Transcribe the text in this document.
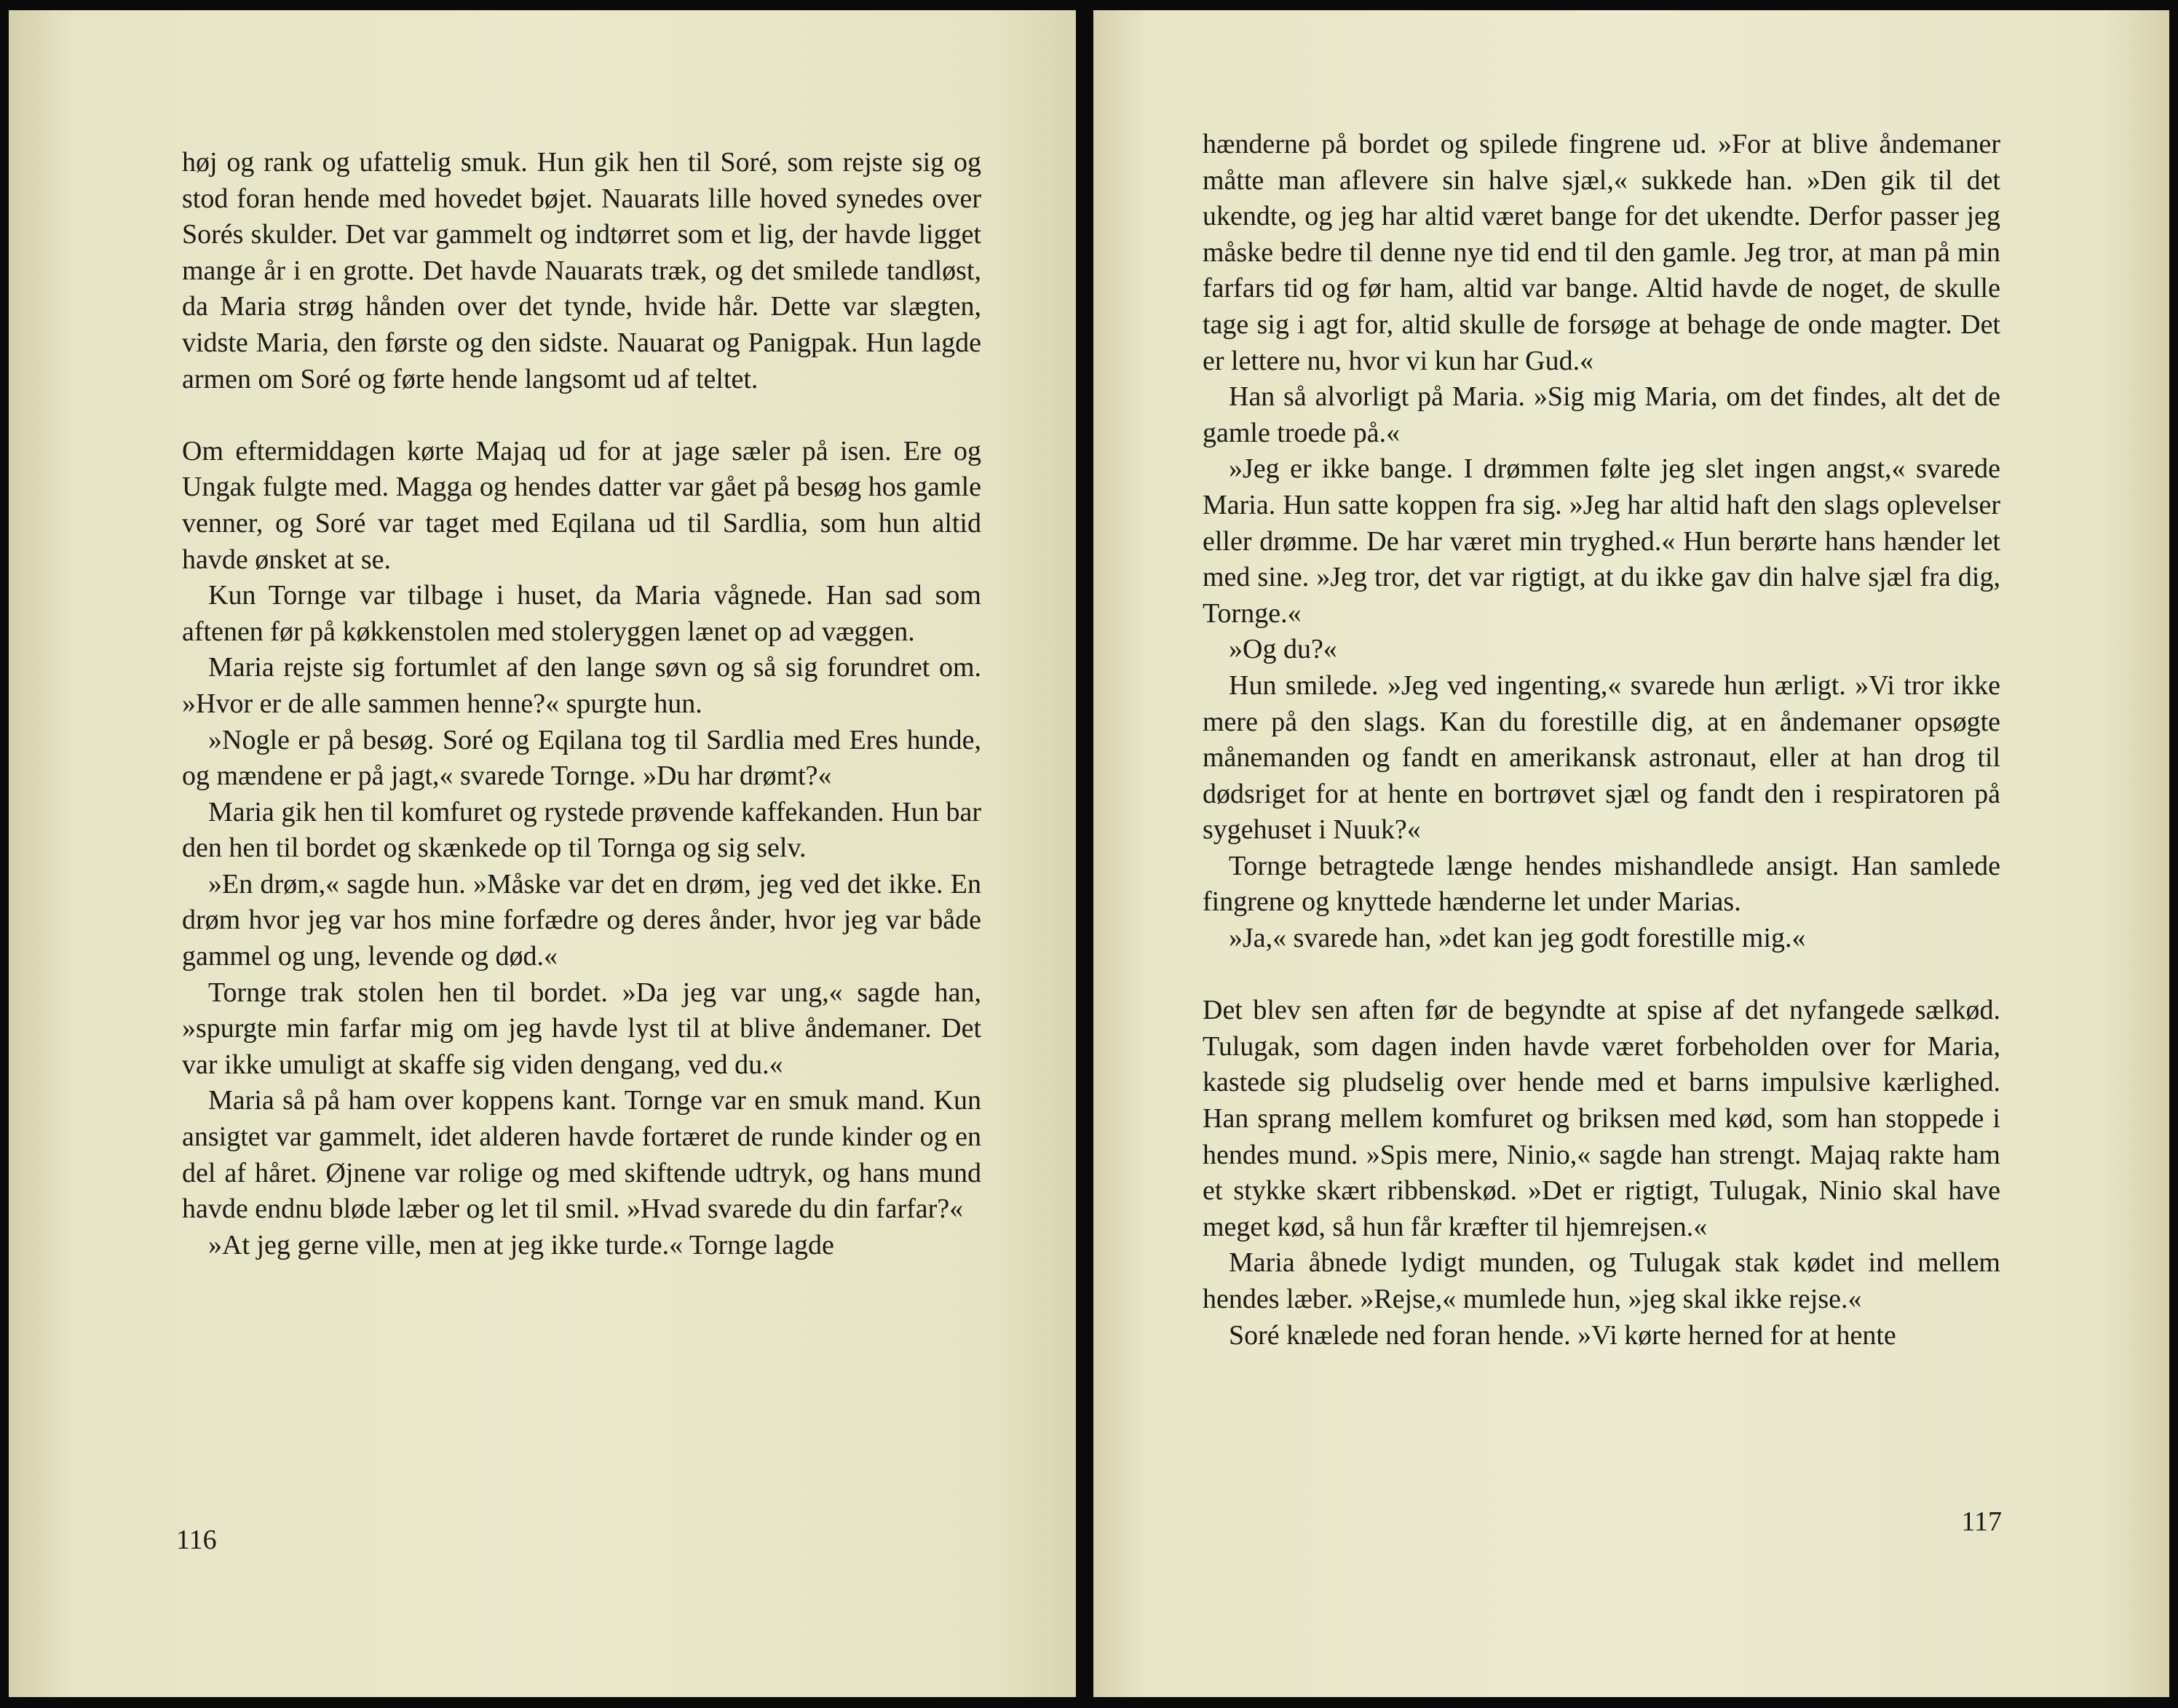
høj og rank og ufattelig smuk. Hun gik hen til Soré, som rejste sig og stod foran hende med hovedet bøjet. Nauarats lille hoved synedes over Sorés skulder. Det var gammelt og indtørret som et lig, der havde ligget mange år i en grotte. Det havde Nauarats træk, og det smilede tandløst, da Maria strøg hånden over det tynde, hvide hår. Dette var slægten, vidste Maria, den første og den sidste. Nauarat og Panigpak. Hun lagde armen om Soré og førte hende langsomt ud af teltet.

Om eftermiddagen kørte Majaq ud for at jage sæler på isen. Ere og Ungak fulgte med. Magga og hendes datter var gået på besøg hos gamle venner, og Soré var taget med Eqilana ud til Sardlia, som hun altid havde ønsket at se.

Kun Tornge var tilbage i huset, da Maria vågnede. Han sad som aftenen før på køkkenstolen med stoleryggen lænet op ad væggen.

Maria rejste sig fortumlet af den lange søvn og så sig forundret om. »Hvor er de alle sammen henne?« spurgte hun.

»Nogle er på besøg. Soré og Eqilana tog til Sardlia med Eres hunde, og mændene er på jagt,« svarede Tornge. »Du har drømt?«

Maria gik hen til komfuret og rystede prøvende kaffekanden. Hun bar den hen til bordet og skænkede op til Tornga og sig selv.

»En drøm,« sagde hun. »Måske var det en drøm, jeg ved det ikke. En drøm hvor jeg var hos mine forfædre og deres ånder, hvor jeg var både gammel og ung, levende og død.«

Tornge trak stolen hen til bordet. »Da jeg var ung,« sagde han, »spurgte min farfar mig om jeg havde lyst til at blive åndemaner. Det var ikke umuligt at skaffe sig viden dengang, ved du.«

Maria så på ham over koppens kant. Tornge var en smuk mand. Kun ansigtet var gammelt, idet alderen havde fortæret de runde kinder og en del af håret. Øjnene var rolige og med skiftende udtryk, og hans mund havde endnu bløde læber og let til smil. »Hvad svarede du din farfar?«

»At jeg gerne ville, men at jeg ikke turde.« Tornge lagde

116

hænderne på bordet og spilede fingrene ud. »For at blive åndemaner måtte man aflevere sin halve sjæl,« sukkede han. »Den gik til det ukendte, og jeg har altid været bange for det ukendte. Derfor passer jeg måske bedre til denne nye tid end til den gamle. Jeg tror, at man på min farfars tid og før ham, altid var bange. Altid havde de noget, de skulle tage sig i agt for, altid skulle de forsøge at behage de onde magter. Det er lettere nu, hvor vi kun har Gud.«

Han så alvorligt på Maria. »Sig mig Maria, om det findes, alt det de gamle troede på.«

»Jeg er ikke bange. I drømmen følte jeg slet ingen angst,« svarede Maria. Hun satte koppen fra sig. »Jeg har altid haft den slags oplevelser eller drømme. De har været min tryghed.« Hun berørte hans hænder let med sine. »Jeg tror, det var rigtigt, at du ikke gav din halve sjæl fra dig, Tornge.«

»Og du?«

Hun smilede. »Jeg ved ingenting,« svarede hun ærligt. »Vi tror ikke mere på den slags. Kan du forestille dig, at en åndemaner opsøgte månemanden og fandt en amerikansk astronaut, eller at han drog til dødsriget for at hente en bortrøvet sjæl og fandt den i respiratoren på sygehuset i Nuuk?«

Tornge betragtede længe hendes mishandlede ansigt. Han samlede fingrene og knyttede hænderne let under Marias.

»Ja,« svarede han, »det kan jeg godt forestille mig.«

Det blev sen aften før de begyndte at spise af det nyfangede sælkød. Tulugak, som dagen inden havde været forbeholden over for Maria, kastede sig pludselig over hende med et barns impulsive kærlighed. Han sprang mellem komfuret og briksen med kød, som han stoppede i hendes mund. »Spis mere, Ninio,« sagde han strengt. Majaq rakte ham et stykke skært ribbenskød. »Det er rigtigt, Tulugak, Ninio skal have meget kød, så hun får kræfter til hjemrejsen.«

Maria åbnede lydigt munden, og Tulugak stak kødet ind mellem hendes læber. »Rejse,« mumlede hun, »jeg skal ikke rejse.«

Soré knælede ned foran hende. »Vi kørte herned for at hente

117
